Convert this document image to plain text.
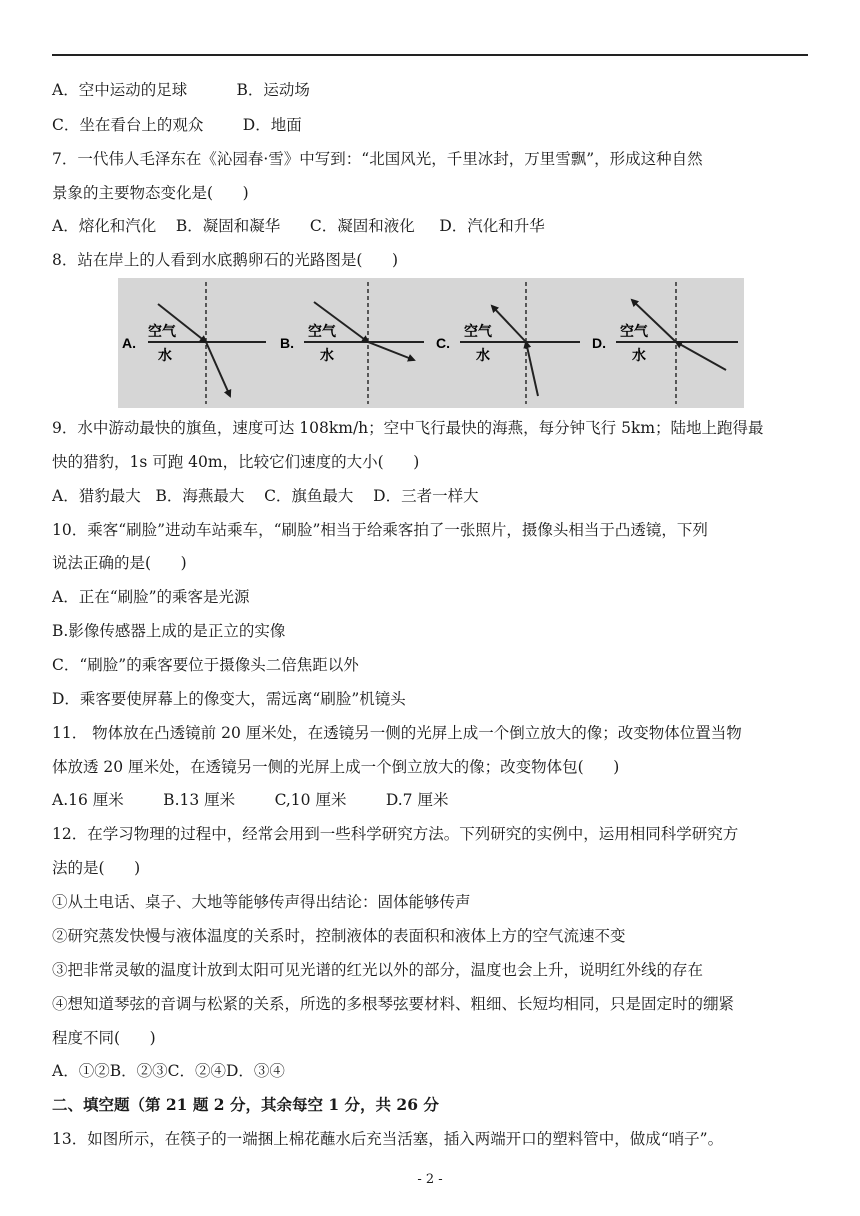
A．空中运动的足球          B．运动场
C．坐在看台上的观众        D．地面
7．一代伟人毛泽东在《沁园春·雪》中写到：“北国风光，千里冰封，万里雪飘”，形成这种自然
景象的主要物态变化是(      )
A．熔化和汽化    B．凝固和凝华      C．凝固和液化     D．汽化和升华
8．站在岸上的人看到水底鹅卵石的光路图是(      )
A.
空气
水
B.
空气
水
C.
空气
水
D.
空气
水
9．水中游动最快的旗鱼，速度可达 108km/h；空中飞行最快的海燕，每分钟飞行 5km；陆地上跑得最
快的猎豹，1s 可跑 40m，比较它们速度的大小(      )
A．猎豹最大   B．海燕最大    C．旗鱼最大    D．三者一样大
10．乘客“刷脸”进动车站乘车，“刷脸”相当于给乘客拍了一张照片，摄像头相当于凸透镜，下列
说法正确的是(      )
A．正在“刷脸”的乘客是光源
B.影像传感器上成的是正立的实像
C．“刷脸”的乘客要位于摄像头二倍焦距以外
D．乘客要使屏幕上的像变大，需远离“刷脸”机镜头
11． 物体放在凸透镜前 20 厘米处，在透镜另一侧的光屏上成一个倒立放大的像；改变物体位置当物
体放透 20 厘米处，在透镜另一侧的光屏上成一个倒立放大的像；改变物体包(      )
A.16 厘米        B.13 厘米        C,10 厘米        D.7 厘米
12．在学习物理的过程中，经常会用到一些科学研究方法。下列研究的实例中，运用相同科学研究方
法的是(      )
①从土电话、桌子、大地等能够传声得出结论：固体能够传声
②研究蒸发快慢与液体温度的关系时，控制液体的表面积和液体上方的空气流速不变
③把非常灵敏的温度计放到太阳可见光谱的红光以外的部分，温度也会上升，说明红外线的存在
④想知道琴弦的音调与松紧的关系，所选的多根琴弦要材料、粗细、长短均相同，只是固定时的绷紧
程度不同(      )
A．①②B．②③C．②④D．③④
二、填空题（第 21 题 2 分，其余每空 1 分，共 26 分
13．如图所示，在筷子的一端捆上棉花蘸水后充当活塞，插入两端开口的塑料管中，做成“哨子”。
- 2 -
